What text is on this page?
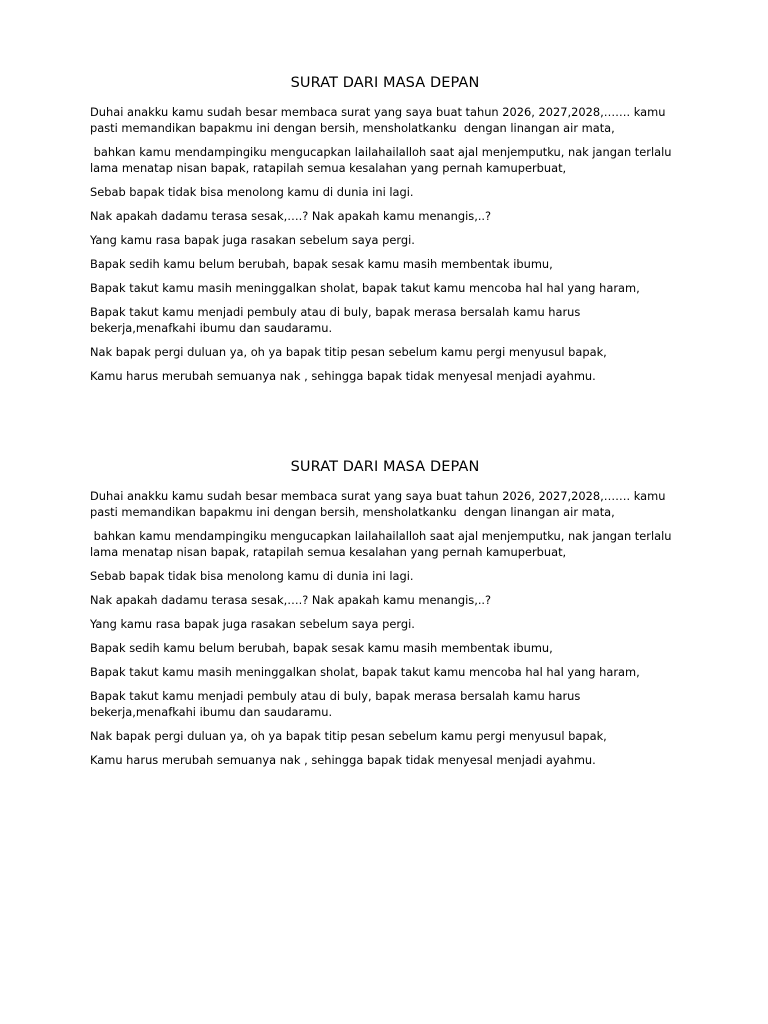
SURAT DARI MASA DEPAN

Duhai anakku kamu sudah besar membaca surat yang saya buat tahun 2026, 2027,2028,……. kamu pasti memandikan bapakmu ini dengan bersih, mensholatkanku  dengan linangan air mata,

bahkan kamu mendampingiku mengucapkan lailahailalloh saat ajal menjemputku, nak jangan terlalu lama menatap nisan bapak, ratapilah semua kesalahan yang pernah kamuperbuat,

Sebab bapak tidak bisa menolong kamu di dunia ini lagi.

Nak apakah dadamu terasa sesak,….? Nak apakah kamu menangis,..?

Yang kamu rasa bapak juga rasakan sebelum saya pergi.

Bapak sedih kamu belum berubah, bapak sesak kamu masih membentak ibumu,

Bapak takut kamu masih meninggalkan sholat, bapak takut kamu mencoba hal hal yang haram,

Bapak takut kamu menjadi pembuly atau di buly, bapak merasa bersalah kamu harus bekerja,menafkahi ibumu dan saudaramu.

Nak bapak pergi duluan ya, oh ya bapak titip pesan sebelum kamu pergi menyusul bapak,

Kamu harus merubah semuanya nak , sehingga bapak tidak menyesal menjadi ayahmu.

SURAT DARI MASA DEPAN

Duhai anakku kamu sudah besar membaca surat yang saya buat tahun 2026, 2027,2028,……. kamu pasti memandikan bapakmu ini dengan bersih, mensholatkanku  dengan linangan air mata,

bahkan kamu mendampingiku mengucapkan lailahailalloh saat ajal menjemputku, nak jangan terlalu lama menatap nisan bapak, ratapilah semua kesalahan yang pernah kamuperbuat,

Sebab bapak tidak bisa menolong kamu di dunia ini lagi.

Nak apakah dadamu terasa sesak,….? Nak apakah kamu menangis,..?

Yang kamu rasa bapak juga rasakan sebelum saya pergi.

Bapak sedih kamu belum berubah, bapak sesak kamu masih membentak ibumu,

Bapak takut kamu masih meninggalkan sholat, bapak takut kamu mencoba hal hal yang haram,

Bapak takut kamu menjadi pembuly atau di buly, bapak merasa bersalah kamu harus bekerja,menafkahi ibumu dan saudaramu.

Nak bapak pergi duluan ya, oh ya bapak titip pesan sebelum kamu pergi menyusul bapak,

Kamu harus merubah semuanya nak , sehingga bapak tidak menyesal menjadi ayahmu.
